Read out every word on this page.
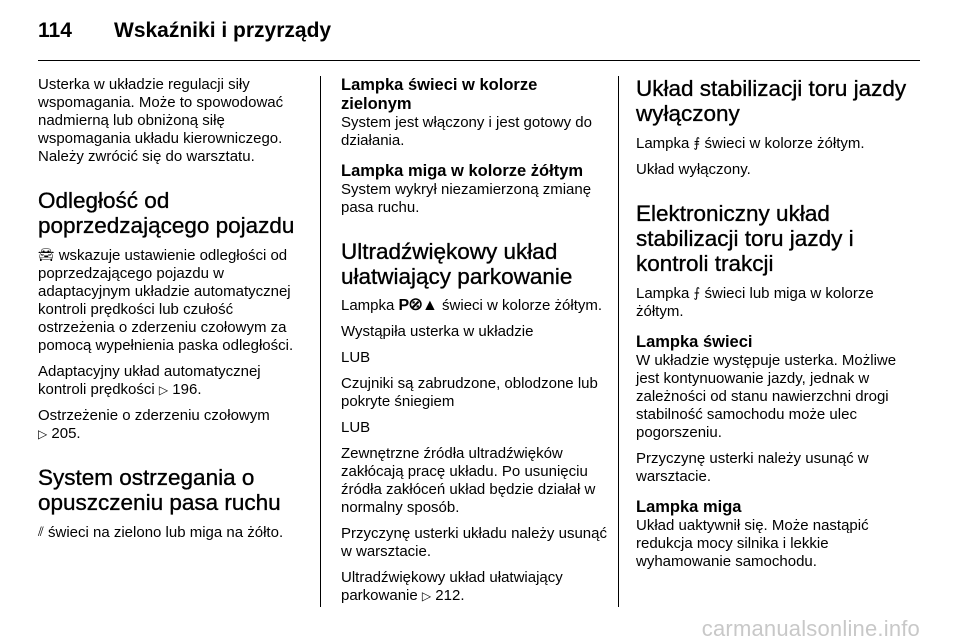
114	Wskaźniki i przyrządy

Usterka w układzie regulacji siły wspomagania. Może to spowodować nadmierną lub obniżoną siłę wspomagania układu kierowniczego. Należy zwrócić się do warsztatu.

Odległość od poprzedzającego pojazdu

🚘︎ wskazuje ustawienie odległości od poprzedzającego pojazdu w adaptacyjnym układzie automatycznej kontroli prędkości lub czułość ostrzeżenia o zderzeniu czołowym za pomocą wypełnienia paska odległości.

Adaptacyjny układ automatycznej kontroli prędkości ▷ 196.

Ostrzeżenie o zderzeniu czołowym
▷ 205.

System ostrzegania o opuszczeniu pasa ruchu

⫽ świeci na zielono lub miga na żółto.

Lampka świeci w kolorze zielonym

System jest włączony i jest gotowy do działania.

Lampka miga w kolorze żółtym

System wykrył niezamierzoną zmianę pasa ruchu.

Ultradźwiękowy układ ułatwiający parkowanie

Lampka P⦼▲ świeci w kolorze żółtym.

Wystąpiła usterka w układzie

LUB

Czujniki są zabrudzone, oblodzone lub pokryte śniegiem

LUB

Zewnętrzne źródła ultradźwięków zakłócają pracę układu. Po usunięciu źródła zakłóceń układ będzie działał w normalny sposób.

Przyczynę usterki układu należy usunąć w warsztacie.

Ultradźwiękowy układ ułatwiający parkowanie ▷ 212.

Układ stabilizacji toru jazdy wyłączony

Lampka ⨎ świeci w kolorze żółtym.

Układ wyłączony.

Elektroniczny układ stabilizacji toru jazdy i kontroli trakcji

Lampka ⨍ świeci lub miga w kolorze żółtym.

Lampka świeci

W układzie występuje usterka. Możliwe jest kontynuowanie jazdy, jednak w zależności od stanu nawierzchni drogi stabilność samochodu może ulec pogorszeniu.

Przyczynę usterki należy usunąć w warsztacie.

Lampka miga

Układ uaktywnił się. Może nastąpić redukcja mocy silnika i lekkie wyhamowanie samochodu.

carmanualsonline.info
